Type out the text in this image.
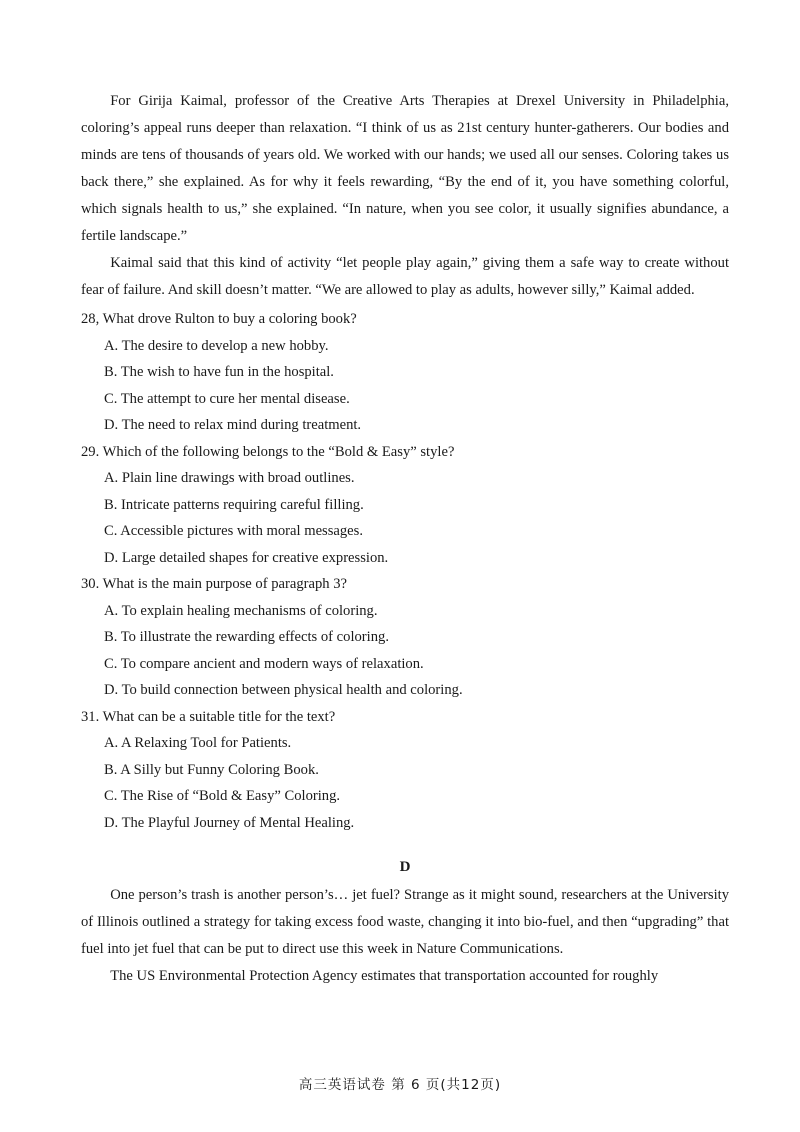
For Girija Kaimal, professor of the Creative Arts Therapies at Drexel University in Philadelphia, coloring’s appeal runs deeper than relaxation. “I think of us as 21st century hunter-gatherers. Our bodies and minds are tens of thousands of years old. We worked with our hands; we used all our senses. Coloring takes us back there,” she explained. As for why it feels rewarding, “By the end of it, you have something colorful, which signals health to us,” she explained. “In nature, when you see color, it usually signifies abundance, a fertile landscape.”

Kaimal said that this kind of activity “let people play again,” giving them a safe way to create without fear of failure. And skill doesn’t matter. “We are allowed to play as adults, however silly,” Kaimal added.

28, What drove Rulton to buy a coloring book?

A. The desire to develop a new hobby.

B. The wish to have fun in the hospital.

C. The attempt to cure her mental disease.

D. The need to relax mind during treatment.

29. Which of the following belongs to the “Bold & Easy” style?

A. Plain line drawings with broad outlines.

B. Intricate patterns requiring careful filling.

C. Accessible pictures with moral messages.

D. Large detailed shapes for creative expression.

30. What is the main purpose of paragraph 3?

A. To explain healing mechanisms of coloring.

B. To illustrate the rewarding effects of coloring.

C. To compare ancient and modern ways of relaxation.

D. To build connection between physical health and coloring.

31. What can be a suitable title for the text?

A. A Relaxing Tool for Patients.

B. A Silly but Funny Coloring Book.

C. The Rise of “Bold & Easy” Coloring.

D. The Playful Journey of Mental Healing.

D

One person’s trash is another person’s… jet fuel? Strange as it might sound, researchers at the University of Illinois outlined a strategy for taking excess food waste, changing it into bio-fuel, and then “upgrading” that fuel into jet fuel that can be put to direct use this week in Nature Communications.

The US Environmental Protection Agency estimates that transportation accounted for roughly

高三英语试卷 第 6 页(共12页)
